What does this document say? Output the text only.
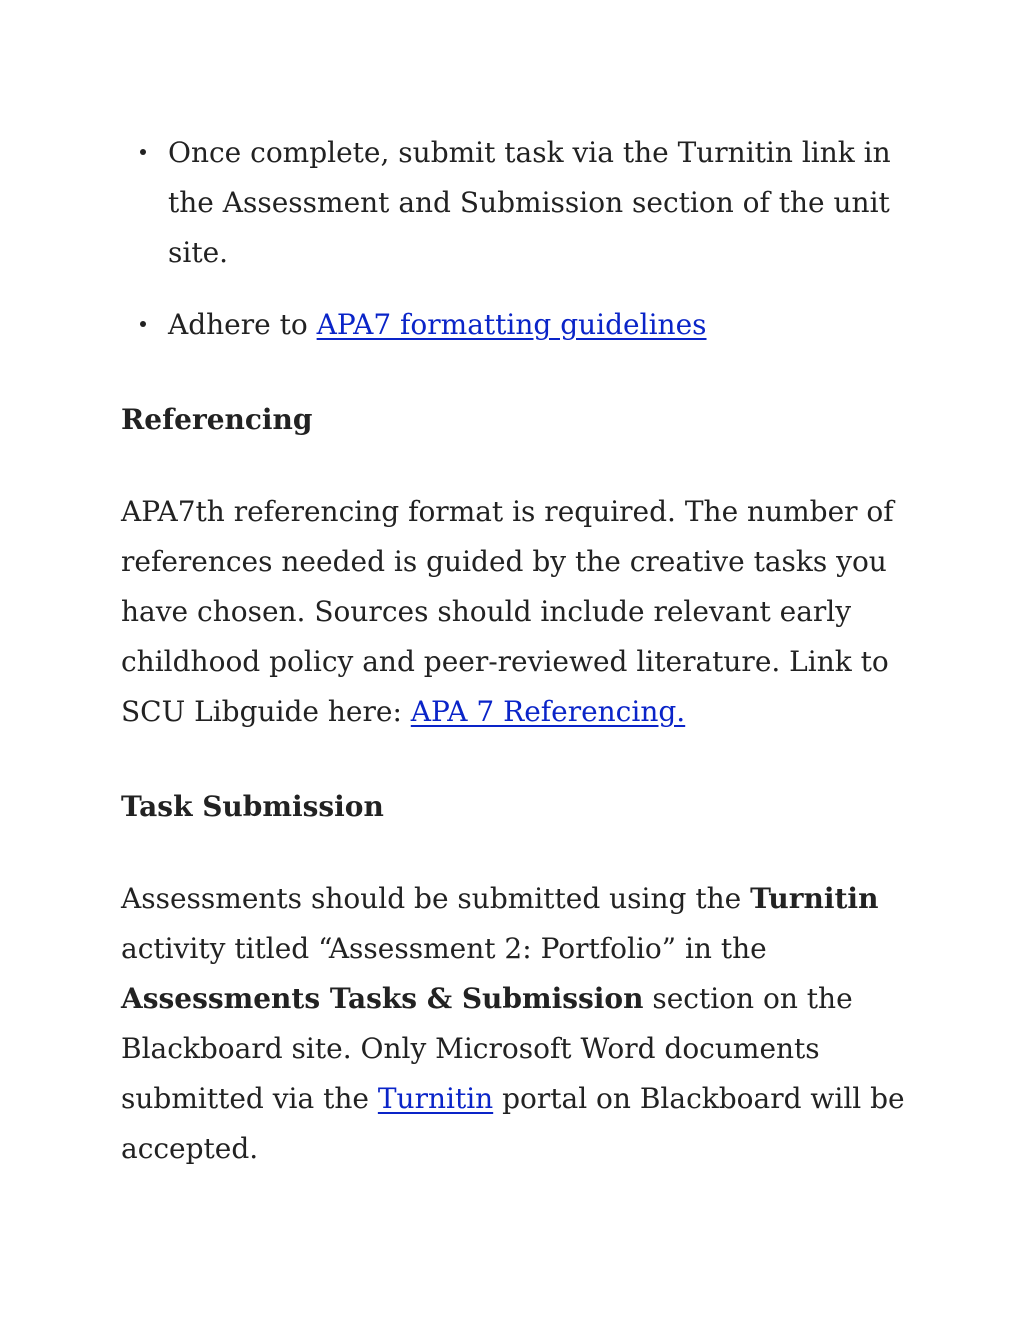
Once complete, submit task via the Turnitin link in the Assessment and Submission section of the unit site.
Adhere to APA7 formatting guidelines
Referencing

APA7th referencing format is required. The number of references needed is guided by the creative tasks you have chosen. Sources should include relevant early childhood policy and peer-reviewed literature. Link to SCU Libguide here: APA 7 Referencing.

Task Submission

Assessments should be submitted using the Turnitin activity titled “Assessment 2: Portfolio” in the Assessments Tasks & Submission section on the Blackboard site. Only Microsoft Word documents submitted via the Turnitin portal on Blackboard will be accepted.
